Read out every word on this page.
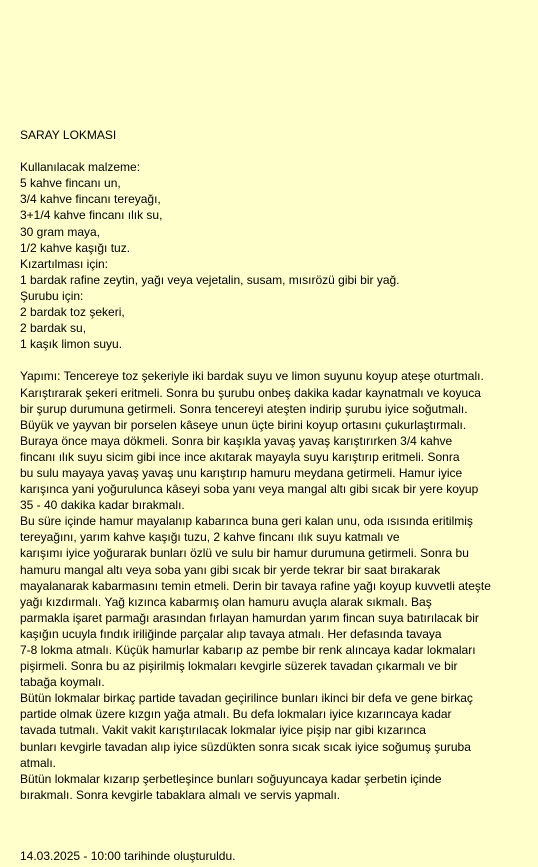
SARAY LOKMASI
Kullanılacak malzeme:
5 kahve fincanı un,
3/4 kahve fincanı tereyağı,
3+1/4 kahve fincanı ılık su,
30 gram maya,
1/2 kahve kaşığı tuz.
Kızartılması için:
1 bardak rafine zeytin, yağı veya vejetalin, susam, mısırözü gibi bir yağ.
Şurubu için:
2 bardak toz şekeri,
2 bardak su,
1 kaşık limon suyu.
Yapımı: Tencereye toz şekeriyle iki bardak suyu ve limon suyunu koyup ateşe oturtmalı.
Karıştırarak şekeri eritmeli. Sonra bu şurubu onbeş dakika kadar kaynatmalı ve koyuca
bir şurup durumuna getirmeli. Sonra tencereyi ateşten indirip şurubu iyice soğutmalı.
Büyük ve yayvan bir porselen kâseye unun üçte birini koyup ortasını çukurlaştırmalı.
Buraya önce maya dökmeli. Sonra bir kaşıkla yavaş yavaş karıştırırken 3/4 kahve
fincanı ılık suyu sicim gibi ince ince akıtarak mayayla suyu karıştırıp eritmeli. Sonra
bu sulu mayaya yavaş yavaş unu karıştırıp hamuru meydana getirmeli. Hamur iyice
karışınca yani yoğurulunca kâseyi soba yanı veya mangal altı gibi sıcak bir yere koyup
35 - 40 dakika kadar bırakmalı.
Bu süre içinde hamur mayalanıp kabarınca buna geri kalan unu, oda ısısında eritilmiş
tereyağını, yarım kahve kaşığı tuzu, 2 kahve fincanı ılık suyu katmalı ve
karışımı iyice yoğurarak bunları özlü ve sulu bir hamur durumuna getirmeli. Sonra bu
hamuru mangal altı veya soba yanı gibi sıcak bir yerde tekrar bir saat bırakarak
mayalanarak kabarmasını temin etmeli. Derin bir tavaya rafine yağı koyup kuvvetli ateşte
yağı kızdırmalı. Yağ kızınca kabarmış olan hamuru avuçla alarak sıkmalı. Baş
parmakla işaret parmağı arasından fırlayan hamurdan yarım fincan suya batırılacak bir
kaşığın ucuyla fındık iriliğinde parçalar alıp tavaya atmalı. Her defasında tavaya
7-8 lokma atmalı. Küçük hamurlar kabarıp az pembe bir renk alıncaya kadar lokmaları
pişirmeli. Sonra bu az pişirilmiş lokmaları kevgirle süzerek tavadan çıkarmalı ve bir
tabağa koymalı.
Bütün lokmalar birkaç partide tavadan geçirilince bunları ikinci bir defa ve gene birkaç
partide olmak üzere kızgın yağa atmalı. Bu defa lokmaları iyice kızarıncaya kadar
tavada tutmalı. Vakit vakit karıştırılacak lokmalar iyice pişip nar gibi kızarınca
bunları kevgirle tavadan alıp iyice süzdükten sonra sıcak sıcak iyice soğumuş şuruba
atmalı.
Bütün lokmalar kızarıp şerbetleşince bunları soğuyuncaya kadar şerbetin içinde
bırakmalı. Sonra kevgirle tabaklara almalı ve servis yapmalı.
14.03.2025 - 10:00 tarihinde oluşturuldu.
